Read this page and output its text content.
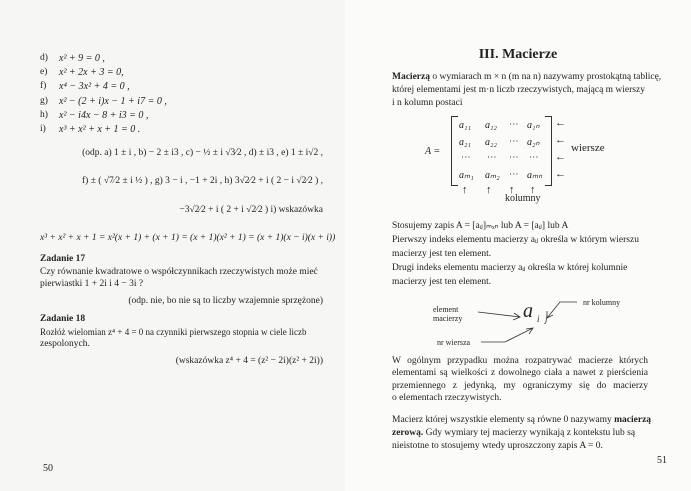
d) x² + 9 = 0 ,
e) x² + 2x + 3 = 0,
f) x⁴ − 3x² + 4 = 0 ,
g) x² − (2 + i)x − 1 + i7 = 0 ,
h) x² − i4x − 8 + i3 = 0 ,
i) x³ + x² + x + 1 = 0 .
(odp. a) 1 ± i , b) − 2 ± i3 , c) − ½ ± i √3⁄2 , d) ± i3 , e) 1 ± i√2 ,
f) ± ( √7⁄2 ± i ½ ) , g) 3 − i , −1 + 2i , h) 3√2⁄2 + i ( 2 − i √2⁄2 ) ,
−3√2⁄2 + i ( 2 + i √2⁄2 ) i) wskazówka
x³ + x² + x + 1 = x²(x + 1) + (x + 1) = (x + 1)(x² + 1) = (x + 1)(x − i)(x + i))
Zadanie 17
Czy równanie kwadratowe o współczynnikach rzeczywistych może mieć
pierwiastki 1 + 2i i 4 − 3i ?
(odp. nie, bo nie są to liczby wzajemnie sprzężone)
Zadanie 18
Rozłóż wielomian z⁴ + 4 = 0 na czynniki pierwszego stopnia w ciele liczb
zespolonych.
(wskazówka z⁴ + 4 = (z² − 2i)(z² + 2i))
50
III. Macierze
Macierzą o wymiarach m × n (m na n) nazywamy prostokątną tablicę,
której elementami jest m·n liczb rzeczywistych, mającą m wierszy
i n kolumn postaci
A =
a₁₁ a₁₂ ⋯ a₁ₙ
a₂₁ a₂₂ ⋯ a₂ₙ
⋯ ⋯ ⋯ ⋯
aₘ₁ aₘ₂ ⋯ aₘₙ
←
←
←
←
wiersze
↑ ↑ ↑ ↑
kolumny
Stosujemy zapis A = [aᵢⱼ]ₘₓₙ lub A = [aᵢⱼ] lub A
Pierwszy indeks elementu macierzy aᵢⱼ określa w którym wierszu
macierzy jest ten element.
Drugi indeks elementu macierzy aᵢⱼ określa w której kolumnie
macierzy jest ten element.
element
macierzy
nr wiersza
nr kolumny
a i j
W ogólnym przypadku można rozpatrywać macierze których
elementami są wielkości z dowolnego ciała a nawet z pierścienia
przemiennego z jedynką, my ograniczymy się do macierzy
o elementach rzeczywistych.
Macierz której wszystkie elementy są równe 0 nazywamy macierzą
zerową. Gdy wymiary tej macierzy wynikają z kontekstu lub są
nieistotne to stosujemy wtedy uproszczony zapis A = 0.
51
